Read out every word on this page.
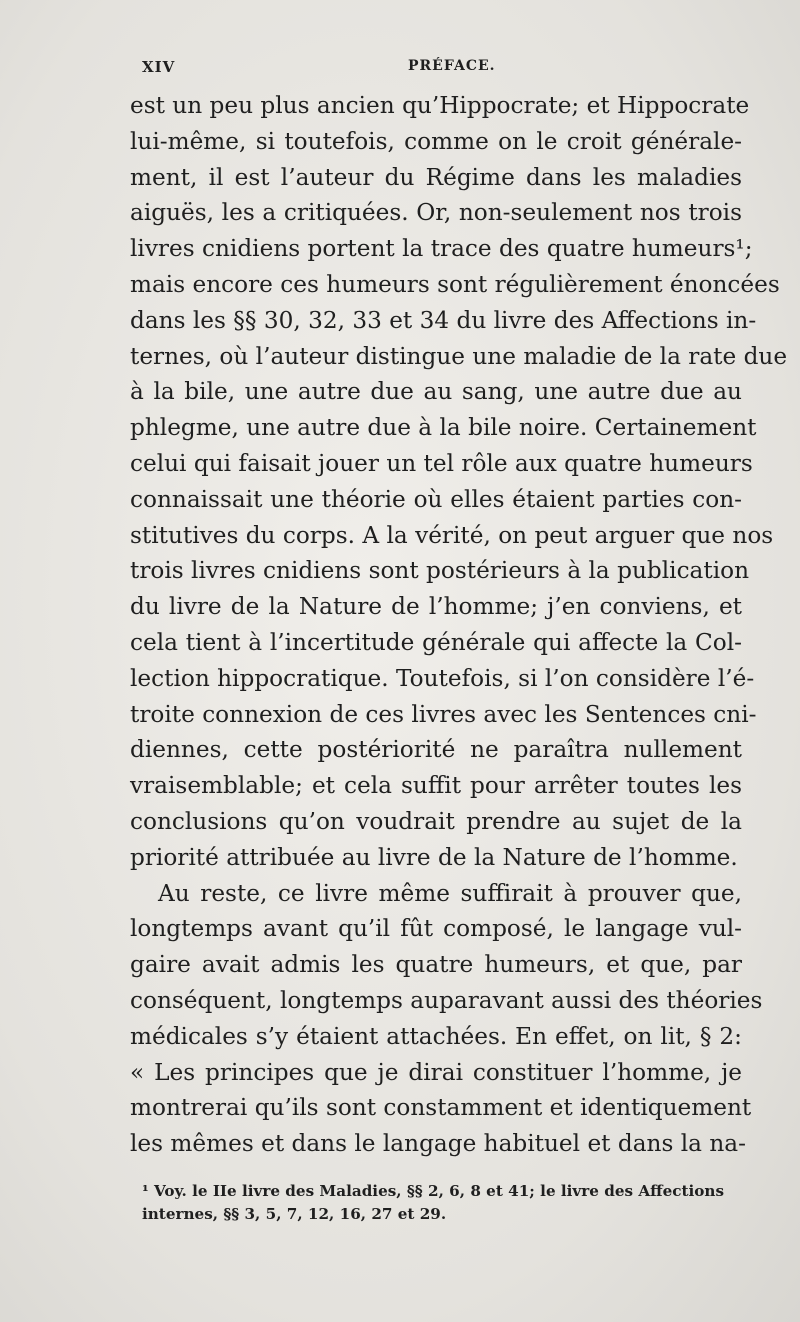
XIV	PRÉFACE.
est un peu plus ancien qu’Hippocrate; et Hippocrate
lui-même, si toutefois, comme on le croit générale-
ment, il est l’auteur du Régime dans les maladies
aiguës, les a critiquées. Or, non-seulement nos trois
livres cnidiens portent la trace des quatre humeurs¹;
mais encore ces humeurs sont régulièrement énoncées
dans les §§ 30, 32, 33 et 34 du livre des Affections in-
ternes, où l’auteur distingue une maladie de la rate due
à la bile, une autre due au sang, une autre due au
phlegme, une autre due à la bile noire. Certainement
celui qui faisait jouer un tel rôle aux quatre humeurs
connaissait une théorie où elles étaient parties con-
stitutives du corps. A la vérité, on peut arguer que nos
trois livres cnidiens sont postérieurs à la publication
du livre de la Nature de l’homme; j’en conviens, et
cela tient à l’incertitude générale qui affecte la Col-
lection hippocratique. Toutefois, si l’on considère l’é-
troite connexion de ces livres avec les Sentences cni-
diennes, cette postériorité ne paraîtra nullement
vraisemblable; et cela suffit pour arrêter toutes les
conclusions qu’on voudrait prendre au sujet de la
priorité attribuée au livre de la Nature de l’homme.
Au reste, ce livre même suffirait à prouver que,
longtemps avant qu’il fût composé, le langage vul-
gaire avait admis les quatre humeurs, et que, par
conséquent, longtemps auparavant aussi des théories
médicales s’y étaient attachées. En effet, on lit, § 2:
« Les principes que je dirai constituer l’homme, je
montrerai qu’ils sont constamment et identiquement
les mêmes et dans le langage habituel et dans la na-
¹ Voy. le IIe livre des Maladies, §§ 2, 6, 8 et 41; le livre des Affections
internes, §§ 3, 5, 7, 12, 16, 27 et 29.
